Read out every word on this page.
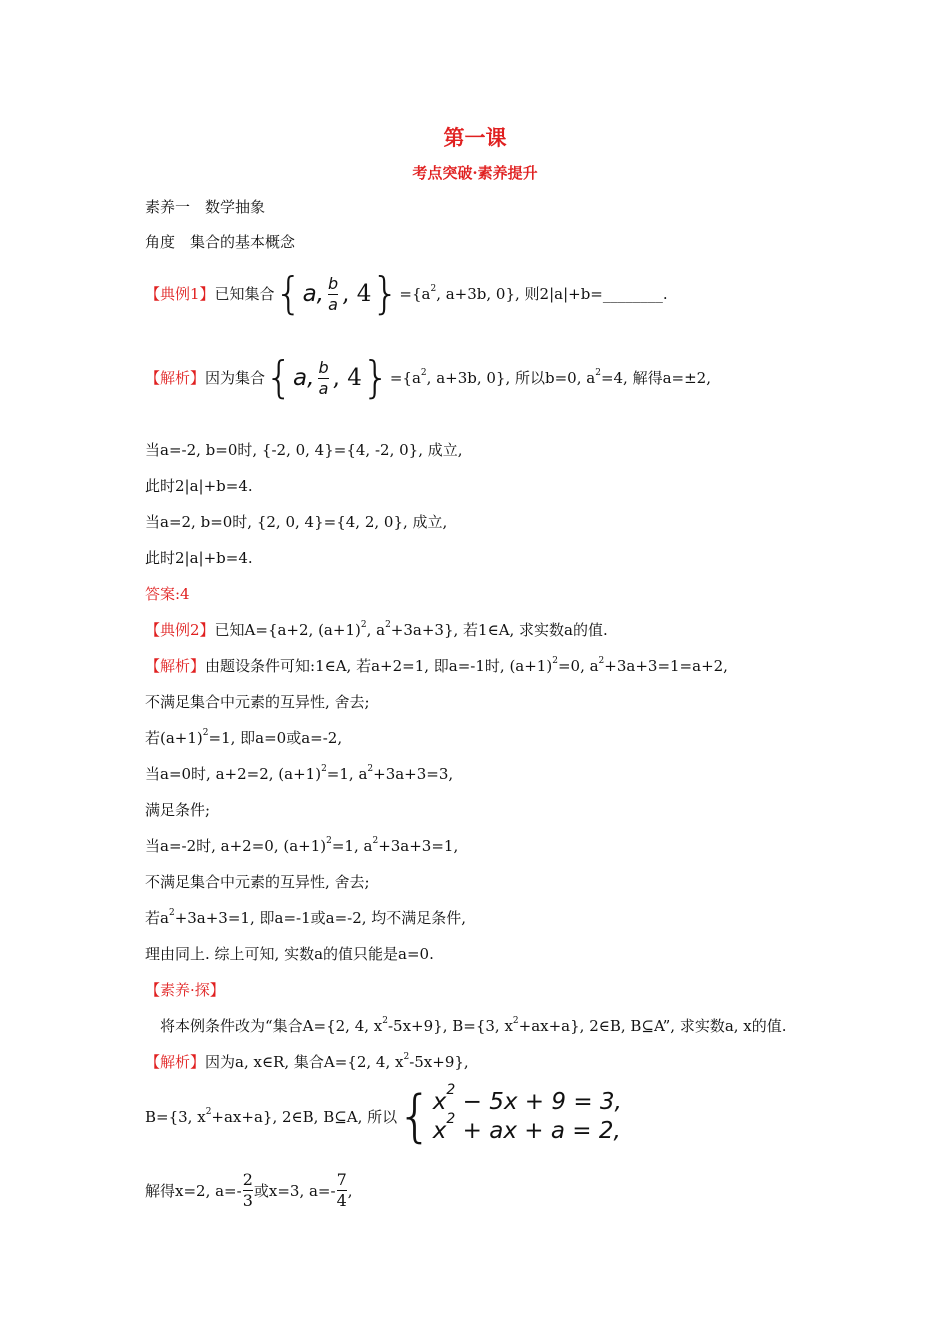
第一课
考点突破·素养提升
素养一　数学抽象
角度　集合的基本概念
【典例1】 已知集合 { a, $\frac{b}{a}$ , 4 } $=\{a^2$, a+3b, 0}, 则2|a|+b=________.
【解析】 因为集合 { a, $\frac{b}{a}$ , 4 } $=\{a^2$, a+3b, 0}, 所以b=0, $a^2=4$, 解得a=±2,
当a=-2, b=0时, {-2, 0, 4}={4, -2, 0}, 成立,
此时2|a|+b=4.
当a=2, b=0时, {2, 0, 4}={4, 2, 0}, 成立,
此时2|a|+b=4.
答案:4
【典例2】已知A={a+2, $(a+1)^2$, $a^2+3a+3$}, 若1∈A, 求实数a的值.
【解析】由题设条件可知:1∈A, 若a+2=1, 即a=-1时, $(a+1)^2=0$, $a^2+3a+3=1=a+2$,
不满足集合中元素的互异性, 舍去;
若$(a+1)^2=1$, 即a=0或a=-2,
当a=0时, a+2=2, $(a+1)^2=1$, $a^2+3a+3=3$,
满足条件;
当a=-2时, a+2=0, $(a+1)^2=1$, $a^2+3a+3=1$,
不满足集合中元素的互异性, 舍去;
若$a^2+3a+3=1$, 即a=-1或a=-2, 均不满足条件,
理由同上. 综上可知, 实数a的值只能是a=0.
【素养·探】
将本例条件改为“集合A={2, 4, $x^2-5x+9$}, B={3, $x^2+ax+a$}, 2∈B, B⊆A”, 求实数a, x的值.
【解析】因为a, x∈R, 集合A={2, 4, $x^2-5x+9$},
B={3, $x^2+ax+a$}, 2∈B, B⊆A, 所以 { $x^2 - 5x + 9 = 3$,
$x^2$ + ax + a = 2,
解得x=2, $a=- \frac{2}{3}$ 或x=3, $a=- \frac{7}{4}$ ,
